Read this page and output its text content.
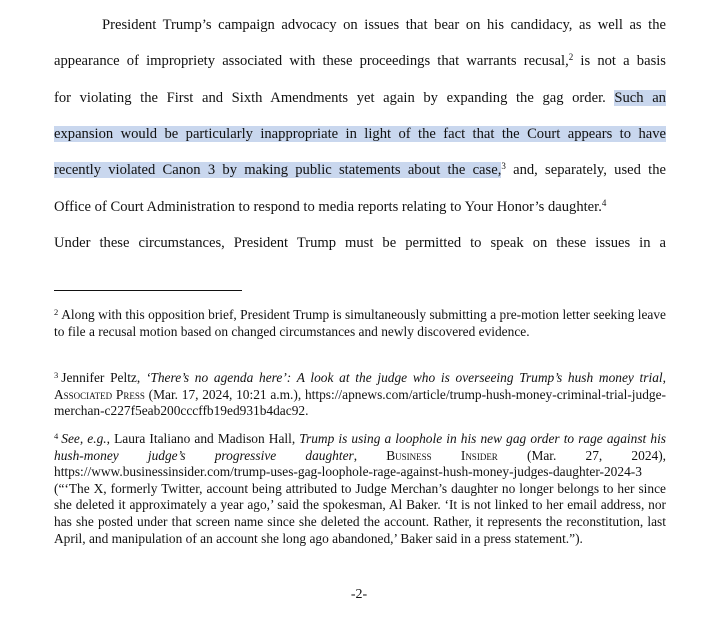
President Trump’s campaign advocacy on issues that bear on his candidacy, as well as the
appearance of impropriety associated with these proceedings that warrants recusal,$^2$ is not a basis
for violating the First and Sixth Amendments yet again by expanding the gag order. Such an
expansion would be particularly inappropriate in light of the fact that the Court appears to have
recently violated Canon 3 by making public statements about the case,$^3$ and, separately, used the
Office of Court Administration to respond to media reports relating to Your Honor’s daughter.$^4$
Under these circumstances, President Trump must be permitted to speak on these issues in a

$^2$ Along with this opposition brief, President Trump is simultaneously submitting a pre-motion letter seeking leave to file a recusal motion based on changed circumstances and newly discovered evidence.

$^3$ Jennifer Peltz, ‘There’s no agenda here’: A look at the judge who is overseeing Trump’s hush money trial, Associated Press (Mar. 17, 2024, 10:21 a.m.), https://apnews.com/article/trump-hush-money-criminal-trial-judge-merchan-c227f5eab200cccffb19ed931b4dac92.

$^4$ See, e.g., Laura Italiano and Madison Hall, Trump is using a loophole in his new gag order to rage against his hush-money judge’s progressive daughter, Business Insider (Mar. 27, 2024), https://www.businessinsider.com/trump-uses-gag-loophole-rage-against-hush-money-judges-daughter-2024-3 (“‘The X, formerly Twitter, account being attributed to Judge Merchan’s daughter no longer belongs to her since she deleted it approximately a year ago,’ said the spokesman, Al Baker. ‘It is not linked to her email address, nor has she posted under that screen name since she deleted the account. Rather, it represents the reconstitution, last April, and manipulation of an account she long ago abandoned,’ Baker said in a press statement.”).

-2-
